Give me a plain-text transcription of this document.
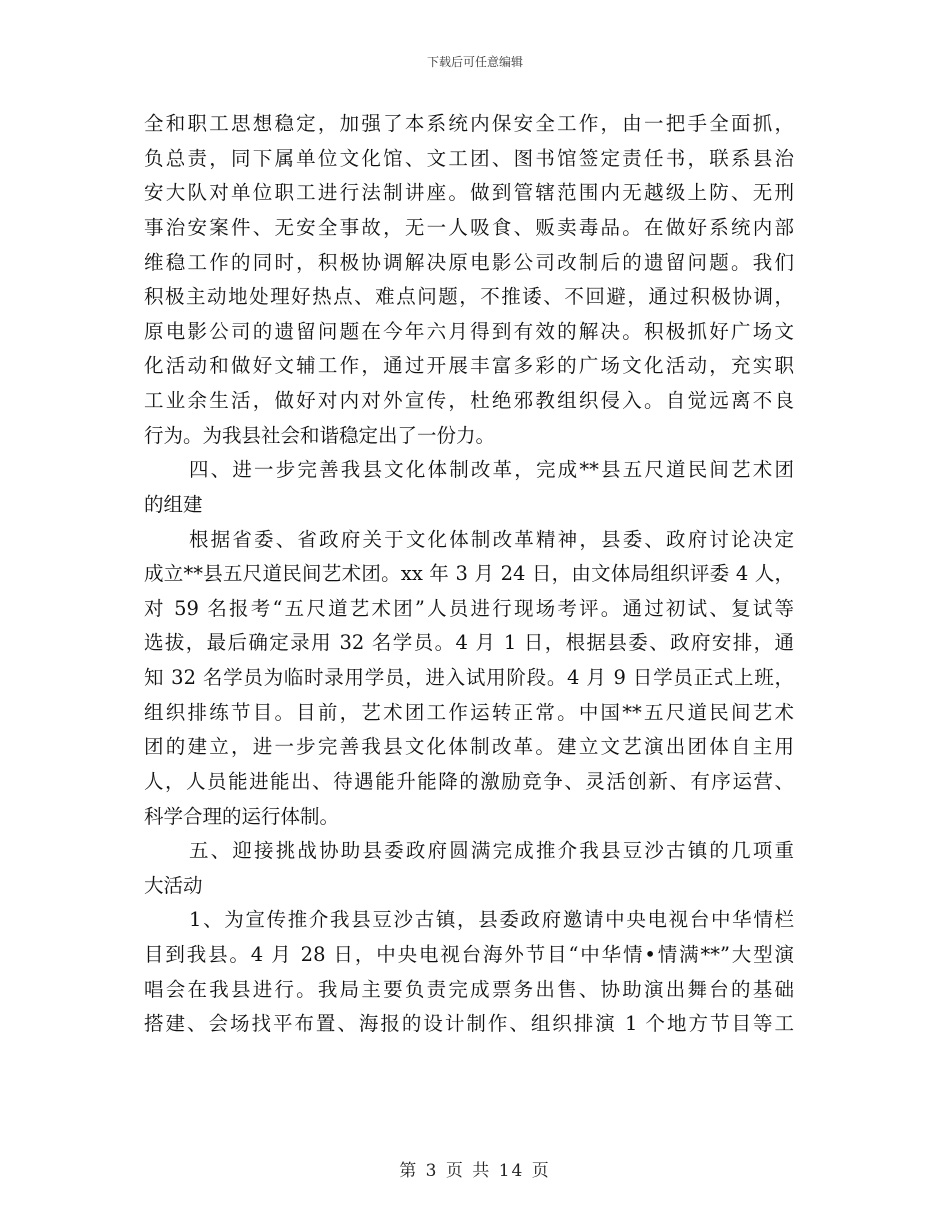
下载后可任意编辑
全和职工思想稳定，加强了本系统内保安全工作，由一把手全面抓，
负总责，同下属单位文化馆、文工团、图书馆签定责任书，联系县治
安大队对单位职工进行法制讲座。做到管辖范围内无越级上防、无刑
事治安案件、无安全事故，无一人吸食、贩卖毒品。在做好系统内部
维稳工作的同时，积极协调解决原电影公司改制后的遗留问题。我们
积极主动地处理好热点、难点问题，不推诿、不回避，通过积极协调，
原电影公司的遗留问题在今年六月得到有效的解决。积极抓好广场文
化活动和做好文辅工作，通过开展丰富多彩的广场文化活动，充实职
工业余生活，做好对内对外宣传，杜绝邪教组织侵入。自觉远离不良
行为。为我县社会和谐稳定出了一份力。
四、进一步完善我县文化体制改革，完成**县五尺道民间艺术团
的组建
根据省委、省政府关于文化体制改革精神，县委、政府讨论决定
成立**县五尺道民间艺术团。xx 年 3 月 24 日，由文体局组织评委 4 人，
对 59 名报考“五尺道艺术团”人员进行现场考评。通过初试、复试等
选拔，最后确定录用 32 名学员。4 月 1 日，根据县委、政府安排，通
知 32 名学员为临时录用学员，进入试用阶段。4 月 9 日学员正式上班，
组织排练节目。目前，艺术团工作运转正常。中国**五尺道民间艺术
团的建立，进一步完善我县文化体制改革。建立文艺演出团体自主用
人，人员能进能出、待遇能升能降的激励竞争、灵活创新、有序运营、
科学合理的运行体制。
五、迎接挑战协助县委政府圆满完成推介我县豆沙古镇的几项重
大活动
1、为宣传推介我县豆沙古镇，县委政府邀请中央电视台中华情栏
目到我县。4 月 28 日，中央电视台海外节目“中华情•情满**”大型演
唱会在我县进行。我局主要负责完成票务出售、协助演出舞台的基础
搭建、会场找平布置、海报的设计制作、组织排演 1 个地方节目等工
第 3 页 共 14 页
